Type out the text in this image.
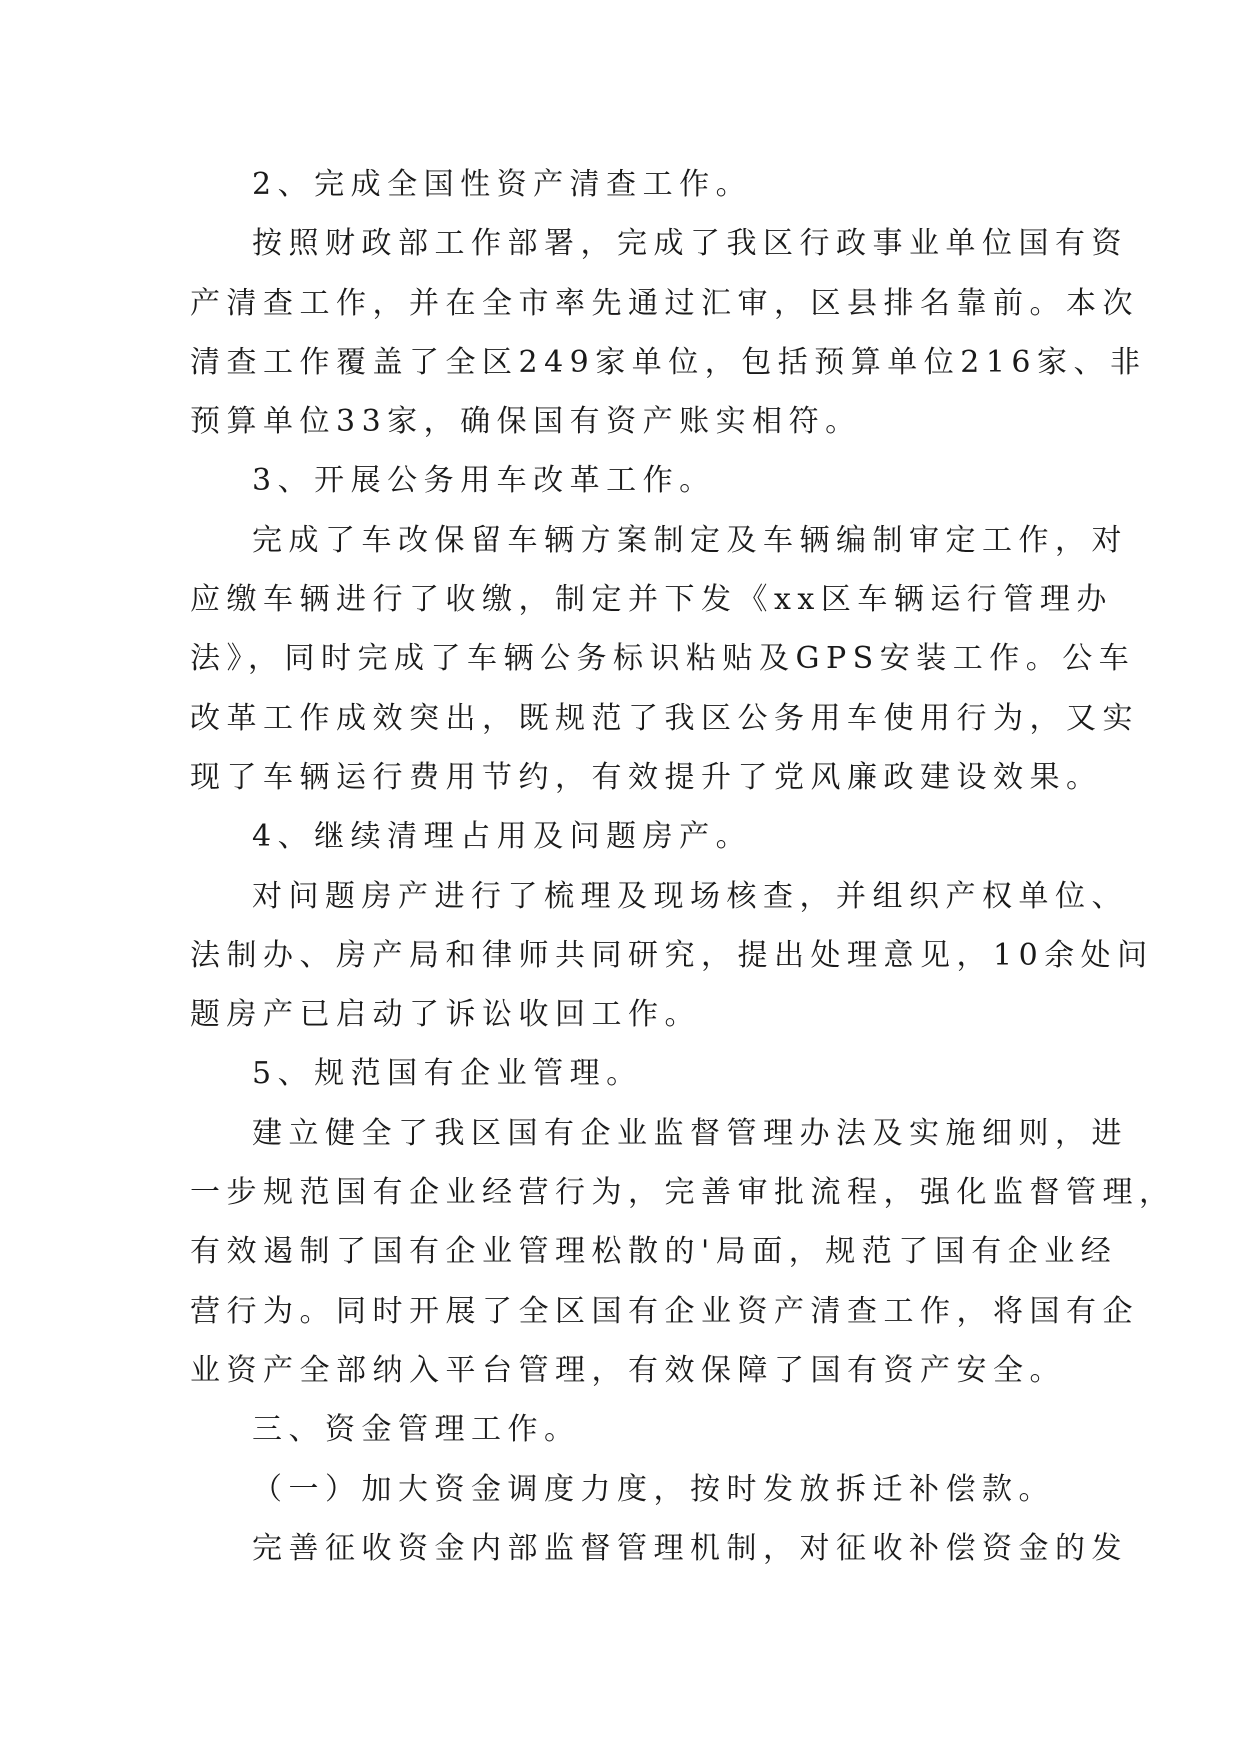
2、完成全国性资产清查工作。

按照财政部工作部署，完成了我区行政事业单位国有资

产清查工作，并在全市率先通过汇审，区县排名靠前。本次

清查工作覆盖了全区249家单位，包括预算单位216家、非

预算单位33家，确保国有资产账实相符。

3、开展公务用车改革工作。

完成了车改保留车辆方案制定及车辆编制审定工作，对

应缴车辆进行了收缴，制定并下发《xx区车辆运行管理办

法》，同时完成了车辆公务标识粘贴及GPS安装工作。公车

改革工作成效突出，既规范了我区公务用车使用行为，又实

现了车辆运行费用节约，有效提升了党风廉政建设效果。

4、继续清理占用及问题房产。

对问题房产进行了梳理及现场核查，并组织产权单位、

法制办、房产局和律师共同研究，提出处理意见，10余处问

题房产已启动了诉讼收回工作。

5、规范国有企业管理。

建立健全了我区国有企业监督管理办法及实施细则，进

一步规范国有企业经营行为，完善审批流程，强化监督管理，

有效遏制了国有企业管理松散的'局面，规范了国有企业经

营行为。同时开展了全区国有企业资产清查工作，将国有企

业资产全部纳入平台管理，有效保障了国有资产安全。

三、资金管理工作。

（一）加大资金调度力度，按时发放拆迁补偿款。

完善征收资金内部监督管理机制，对征收补偿资金的发
